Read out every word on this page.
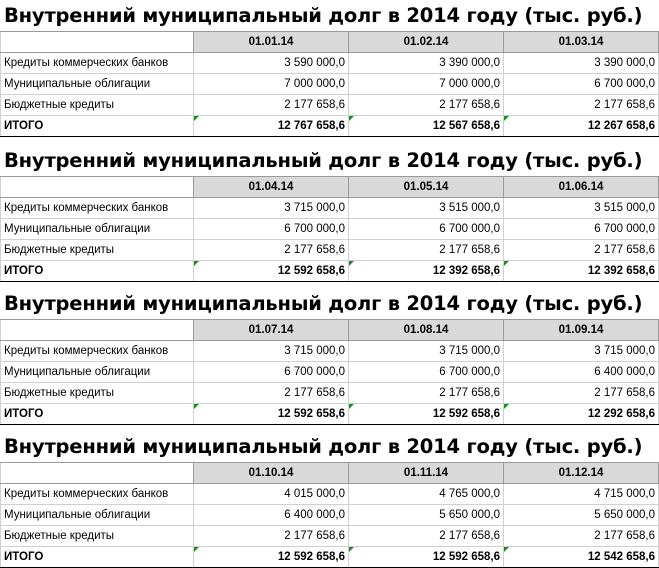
Внутренний муниципальный долг в 2014 году (тыс. руб.)
	01.01.14	01.02.14	01.03.14
Кредиты коммерческих банков	3 590 000,0	3 390 000,0	3 390 000,0
Муниципальные облигации	7 000 000,0	7 000 000,0	6 700 000,0
Бюджетные кредиты	2 177 658,6	2 177 658,6	2 177 658,6
ИТОГО	12 767 658,6	12 567 658,6	12 267 658,6
Внутренний муниципальный долг в 2014 году (тыс. руб.)
	01.04.14	01.05.14	01.06.14
Кредиты коммерческих банков	3 715 000,0	3 515 000,0	3 515 000,0
Муниципальные облигации	6 700 000,0	6 700 000,0	6 700 000,0
Бюджетные кредиты	2 177 658,6	2 177 658,6	2 177 658,6
ИТОГО	12 592 658,6	12 392 658,6	12 392 658,6
Внутренний муниципальный долг в 2014 году (тыс. руб.)
	01.07.14	01.08.14	01.09.14
Кредиты коммерческих банков	3 715 000,0	3 715 000,0	3 715 000,0
Муниципальные облигации	6 700 000,0	6 700 000,0	6 400 000,0
Бюджетные кредиты	2 177 658,6	2 177 658,6	2 177 658,6
ИТОГО	12 592 658,6	12 592 658,6	12 292 658,6
Внутренний муниципальный долг в 2014 году (тыс. руб.)
	01.10.14	01.11.14	01.12.14
Кредиты коммерческих банков	4 015 000,0	4 765 000,0	4 715 000,0
Муниципальные облигации	6 400 000,0	5 650 000,0	5 650 000,0
Бюджетные кредиты	2 177 658,6	2 177 658,6	2 177 658,6
ИТОГО	12 592 658,6	12 592 658,6	12 542 658,6
